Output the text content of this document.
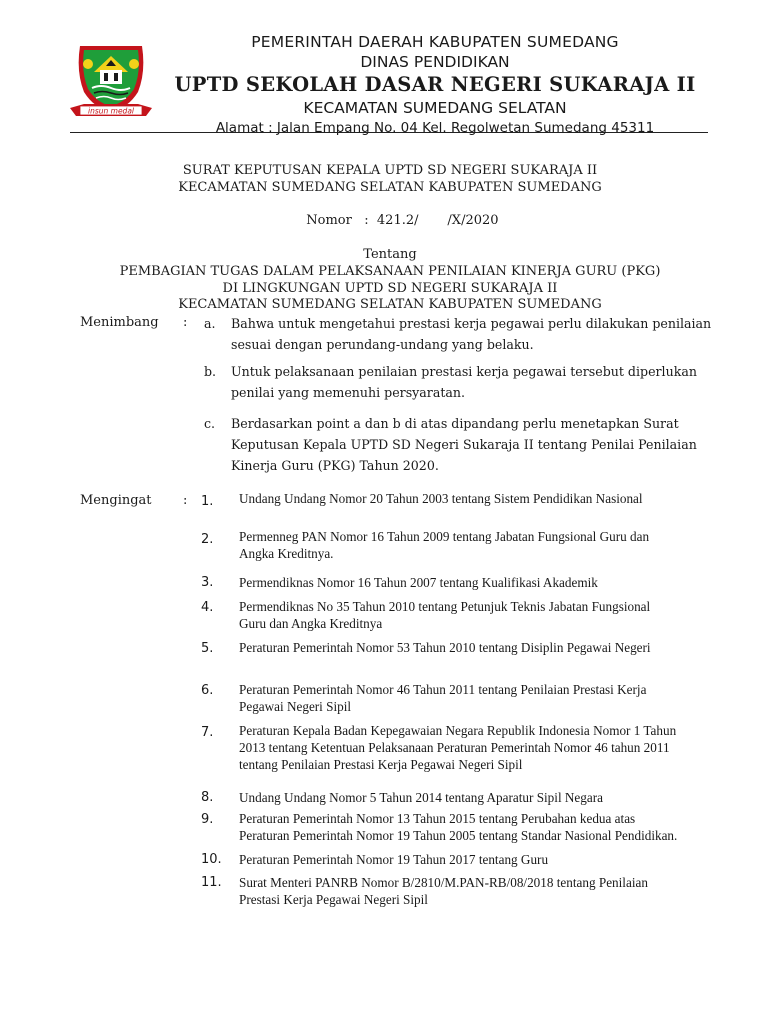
insun medal
PEMERINTAH DAERAH KABUPATEN SUMEDANG
DINAS PENDIDIKAN
UPTD SEKOLAH DASAR NEGERI SUKARAJA II
KECAMATAN SUMEDANG SELATAN
Alamat : Jalan Empang No. 04 Kel. Regolwetan Sumedang 45311
SURAT KEPUTUSAN KEPALA UPTD SD NEGERI SUKARAJA II
KECAMATAN SUMEDANG SELATAN KABUPATEN SUMEDANG

Nomor : 421.2/       /X/2020

Tentang
PEMBAGIAN TUGAS DALAM PELAKSANAAN PENILAIAN KINERJA GURU (PKG)
DI LINGKUNGAN UPTD SD NEGERI SUKARAJA II
KECAMATAN SUMEDANG SELATAN KABUPATEN SUMEDANG
Menimbang : a. Bahwa untuk mengetahui prestasi kerja pegawai perlu dilakukan penilaian
sesuai dengan perundang-undang yang belaku.
b. Untuk pelaksanaan penilaian prestasi kerja pegawai tersebut diperlukan
penilai yang memenuhi persyaratan.
c. Berdasarkan point a dan b di atas dipandang perlu menetapkan Surat
Keputusan Kepala UPTD SD Negeri Sukaraja II tentang Penilai Penilaian
Kinerja Guru (PKG) Tahun 2020.
Mengingat : 1.	Undang Undang Nomor 20 Tahun 2003 tentang Sistem Pendidikan Nasional
2.	Permenneg PAN Nomor 16 Tahun 2009 tentang Jabatan Fungsional Guru dan
Angka Kreditnya.
3.	Permendiknas Nomor 16 Tahun 2007 tentang Kualifikasi Akademik
4.	Permendiknas No 35 Tahun 2010 tentang Petunjuk Teknis Jabatan Fungsional
Guru dan Angka Kreditnya
5.	Peraturan Pemerintah Nomor 53 Tahun 2010 tentang Disiplin Pegawai Negeri
6.	Peraturan Pemerintah Nomor 46 Tahun 2011 tentang Penilaian Prestasi Kerja
Pegawai Negeri Sipil
7.	Peraturan Kepala Badan Kepegawaian Negara Republik Indonesia Nomor 1 Tahun
2013 tentang Ketentuan Pelaksanaan Peraturan Pemerintah Nomor 46 tahun 2011
tentang Penilaian Prestasi Kerja Pegawai Negeri Sipil
8.	Undang Undang Nomor 5 Tahun 2014 tentang Aparatur Sipil Negara
9.	Peraturan Pemerintah Nomor 13 Tahun 2015 tentang Perubahan kedua atas
Peraturan Pemerintah Nomor 19 Tahun 2005 tentang Standar Nasional Pendidikan.
10.	Peraturan Pemerintah Nomor 19 Tahun 2017 tentang Guru
11.	Surat Menteri PANRB Nomor B/2810/M.PAN-RB/08/2018 tentang Penilaian
Prestasi Kerja Pegawai Negeri Sipil
